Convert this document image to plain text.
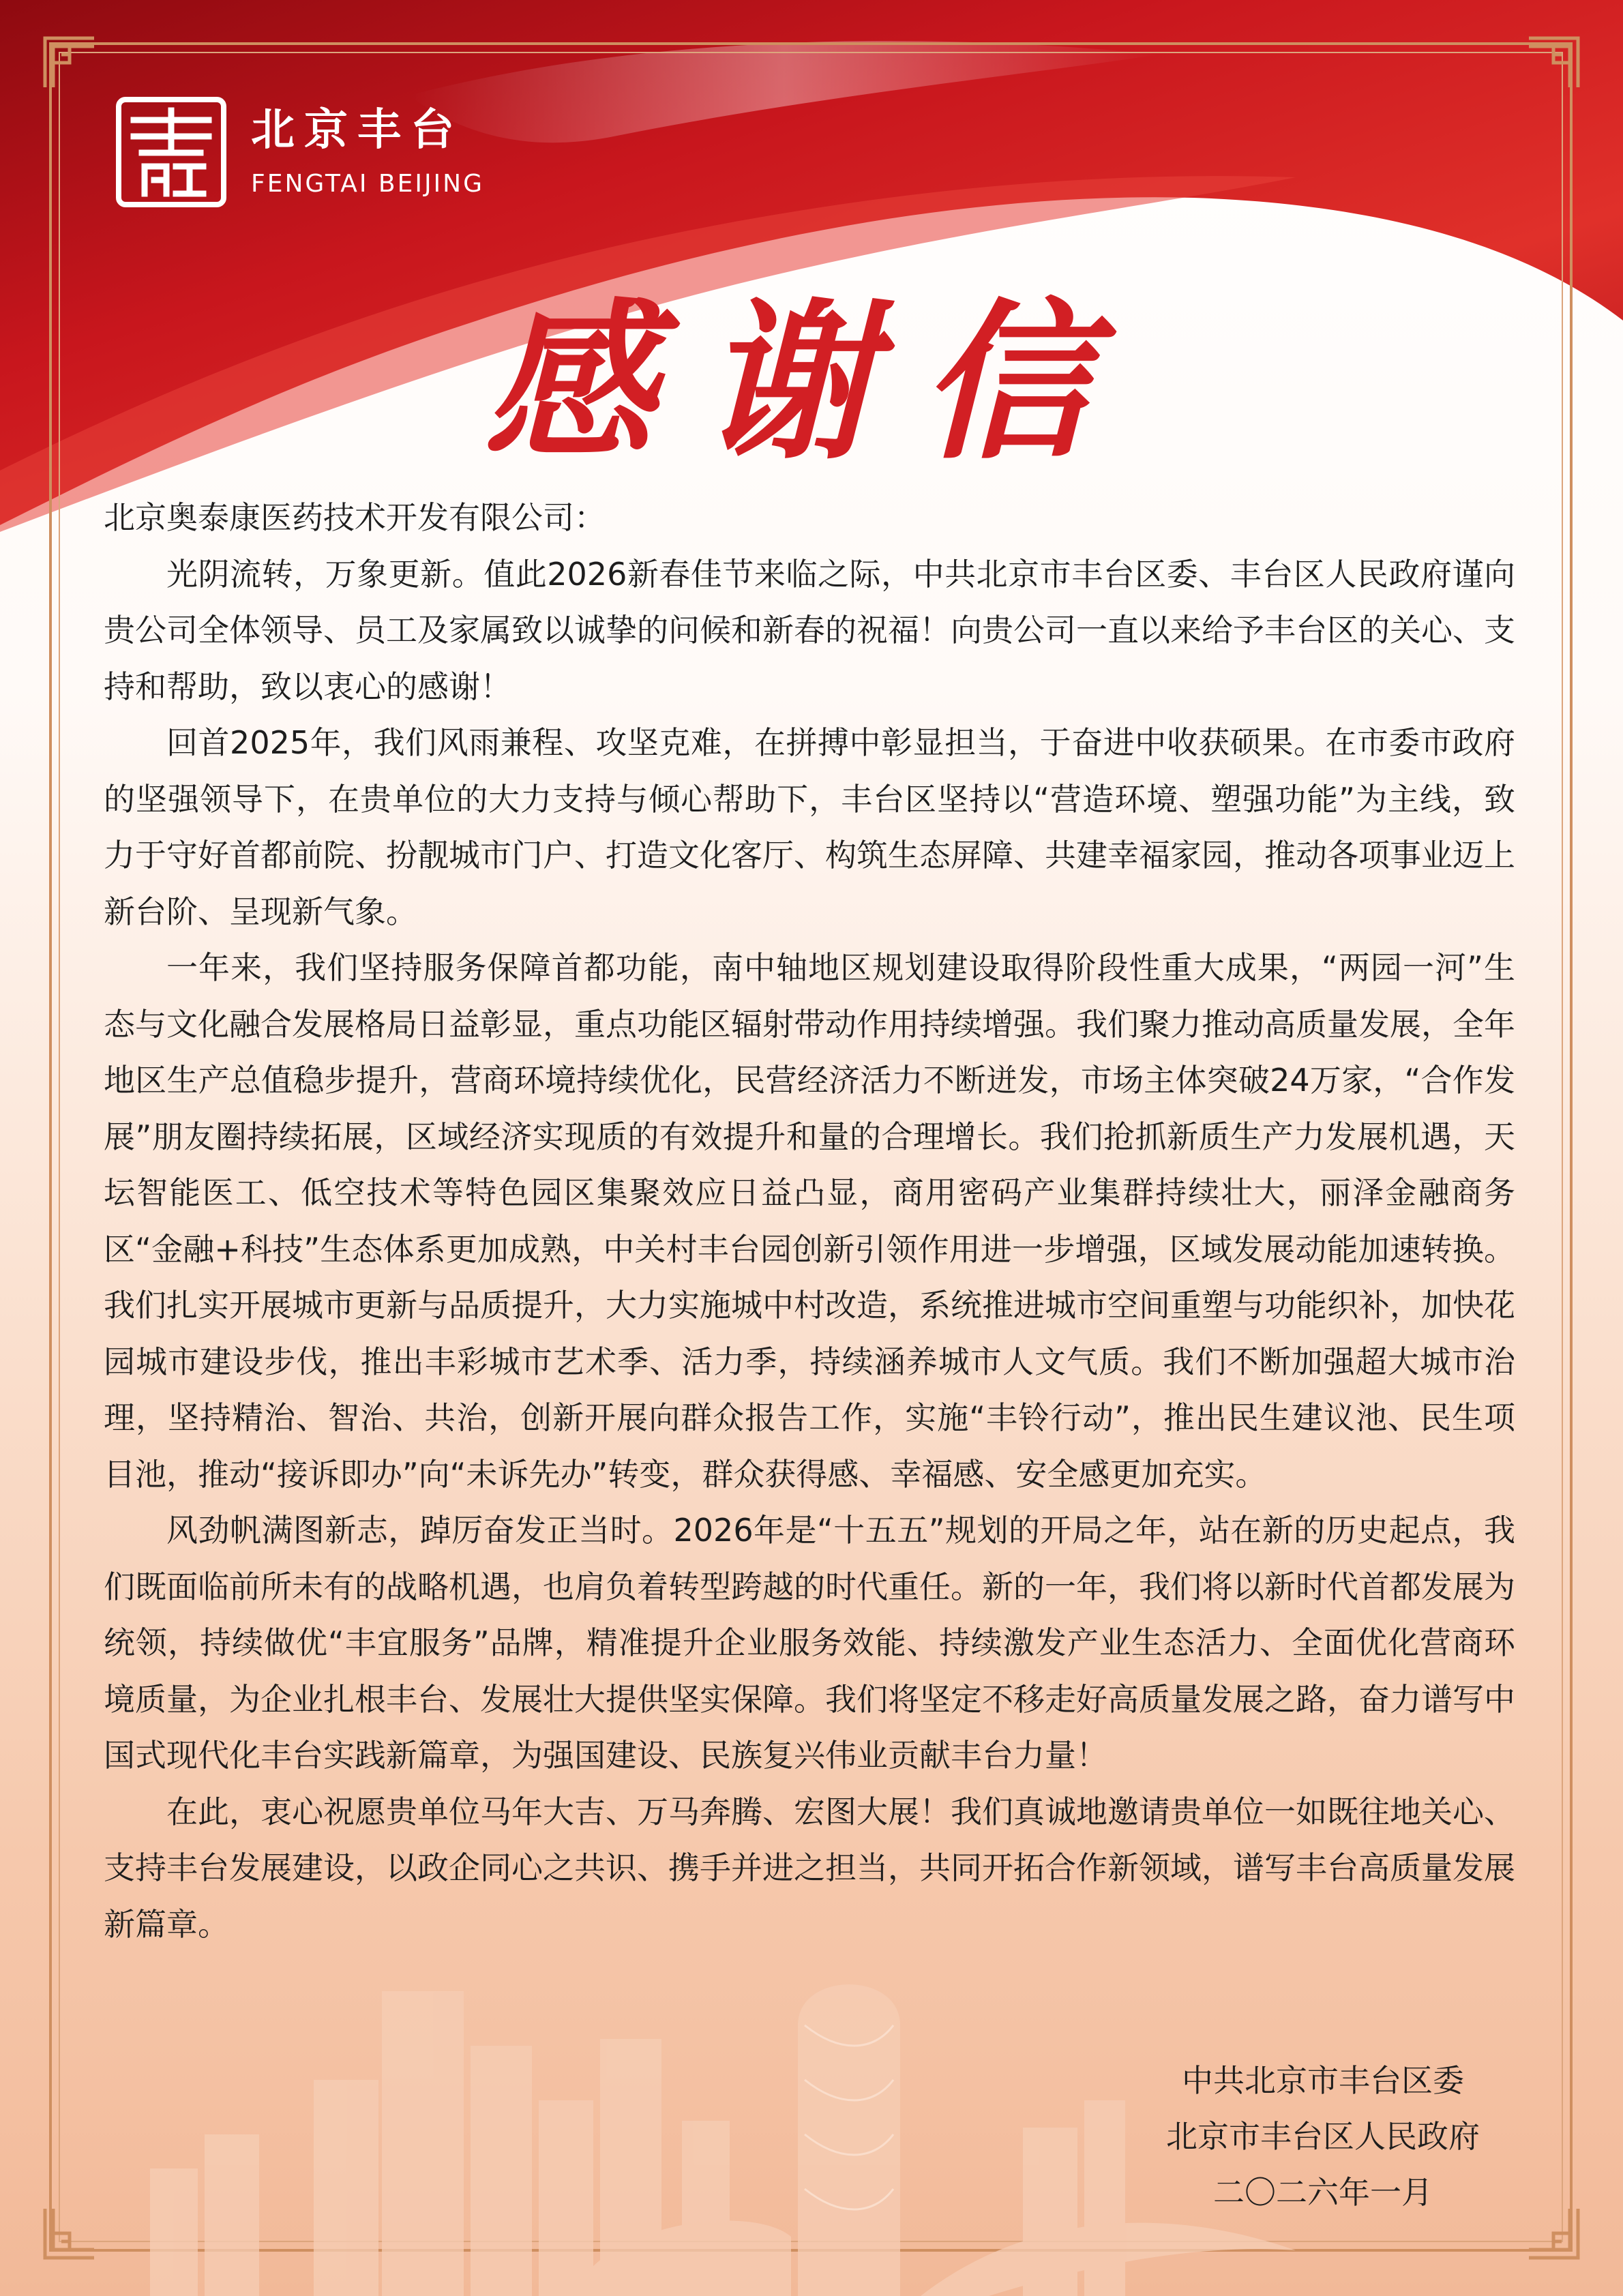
北京丰台
FENGTAI BEIJING
感谢信

北京奥泰康医药技术开发有限公司：

光阴流转，万象更新。值此2026新春佳节来临之际，中共北京市丰台区委、丰台区人民政府谨向贵公司全体领导、员工及家属致以诚挚的问候和新春的祝福！向贵公司一直以来给予丰台区的关心、支持和帮助，致以衷心的感谢！

回首2025年，我们风雨兼程、攻坚克难，在拼搏中彰显担当，于奋进中收获硕果。在市委市政府的坚强领导下，在贵单位的大力支持与倾心帮助下，丰台区坚持以“营造环境、塑强功能”为主线，致力于守好首都前院、扮靓城市门户、打造文化客厅、构筑生态屏障、共建幸福家园，推动各项事业迈上新台阶、呈现新气象。

一年来，我们坚持服务保障首都功能，南中轴地区规划建设取得阶段性重大成果，“两园一河”生态与文化融合发展格局日益彰显，重点功能区辐射带动作用持续增强。我们聚力推动高质量发展，全年地区生产总值稳步提升，营商环境持续优化，民营经济活力不断迸发，市场主体突破24万家，“合作发展”朋友圈持续拓展，区域经济实现质的有效提升和量的合理增长。我们抢抓新质生产力发展机遇，天坛智能医工、低空技术等特色园区集聚效应日益凸显，商用密码产业集群持续壮大，丽泽金融商务区“金融+科技”生态体系更加成熟，中关村丰台园创新引领作用进一步增强，区域发展动能加速转换。我们扎实开展城市更新与品质提升，大力实施城中村改造，系统推进城市空间重塑与功能织补，加快花园城市建设步伐，推出丰彩城市艺术季、活力季，持续涵养城市人文气质。我们不断加强超大城市治理，坚持精治、智治、共治，创新开展向群众报告工作，实施“丰铃行动”，推出民生建议池、民生项目池，推动“接诉即办”向“未诉先办”转变，群众获得感、幸福感、安全感更加充实。

风劲帆满图新志，踔厉奋发正当时。2026年是“十五五”规划的开局之年，站在新的历史起点，我们既面临前所未有的战略机遇，也肩负着转型跨越的时代重任。新的一年，我们将以新时代首都发展为统领，持续做优“丰宜服务”品牌，精准提升企业服务效能、持续激发产业生态活力、全面优化营商环境质量，为企业扎根丰台、发展壮大提供坚实保障。我们将坚定不移走好高质量发展之路，奋力谱写中国式现代化丰台实践新篇章，为强国建设、民族复兴伟业贡献丰台力量！

在此，衷心祝愿贵单位马年大吉、万马奔腾、宏图大展！我们真诚地邀请贵单位一如既往地关心、支持丰台发展建设，以政企同心之共识、携手并进之担当，共同开拓合作新领域，谱写丰台高质量发展新篇章。

中共北京市丰台区委
北京市丰台区人民政府
二〇二六年一月
